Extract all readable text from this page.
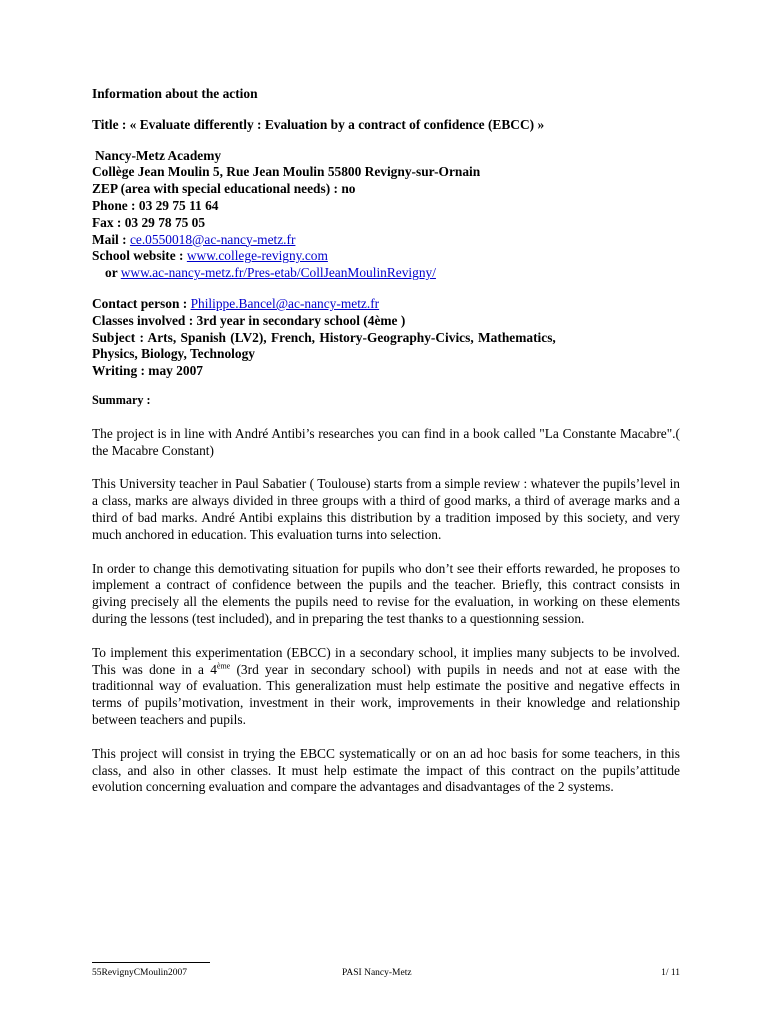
Information about the action
Title : « Evaluate differently : Evaluation by a contract of confidence (EBCC) »
Nancy-Metz Academy
Collège Jean Moulin 5, Rue Jean Moulin 55800 Revigny-sur-Ornain
ZEP (area with special educational needs) : no
Phone : 03 29 75 11 64
Fax : 03 29 78 75 05
Mail : ce.0550018@ac-nancy-metz.fr
School website : www.college-revigny.com
or www.ac-nancy-metz.fr/Pres-etab/CollJeanMoulinRevigny/
Contact person : Philippe.Bancel@ac-nancy-metz.fr
Classes involved : 3rd year in secondary school (4ème )
Subject : Arts, Spanish (LV2), French, History-Geography-Civics, Mathematics,
Physics, Biology, Technology
Writing : may 2007
Summary :

The project is in line with André Antibi’s researches you can find in a book called "La Constante Macabre".( the Macabre Constant)

This University teacher in Paul Sabatier ( Toulouse) starts from a simple review : whatever the pupils’level in a class, marks are always divided in three groups with a third of good marks, a third of average marks and a third of bad marks. André Antibi explains this distribution by a tradition imposed by this society, and very much anchored in education. This evaluation turns into selection.

In order to change this demotivating situation for pupils who don’t see their efforts rewarded, he proposes to implement a contract of confidence between the pupils and the teacher. Briefly, this contract consists in giving precisely all the elements the pupils need to revise for the evaluation, in working on these elements during the lessons (test included), and in preparing the test thanks to a questionning session.

To implement this experimentation (EBCC) in a secondary school, it implies many subjects to be involved. This was done in a 4ème (3rd year in secondary school) with pupils in needs and not at ease with the traditionnal way of evaluation. This generalization must help estimate the positive and negative effects in terms of pupils’motivation, investment in their work, improvements in their knowledge and relationship between teachers and pupils.

This project will consist in trying the EBCC systematically or on an ad hoc basis for some teachers, in this class, and also in other classes. It must help estimate the impact of this contract on the pupils’attitude evolution concerning evaluation and compare the advantages and disadvantages of the 2 systems.

55RevignyCMoulin2007	PASI Nancy-Metz	1/ 11
